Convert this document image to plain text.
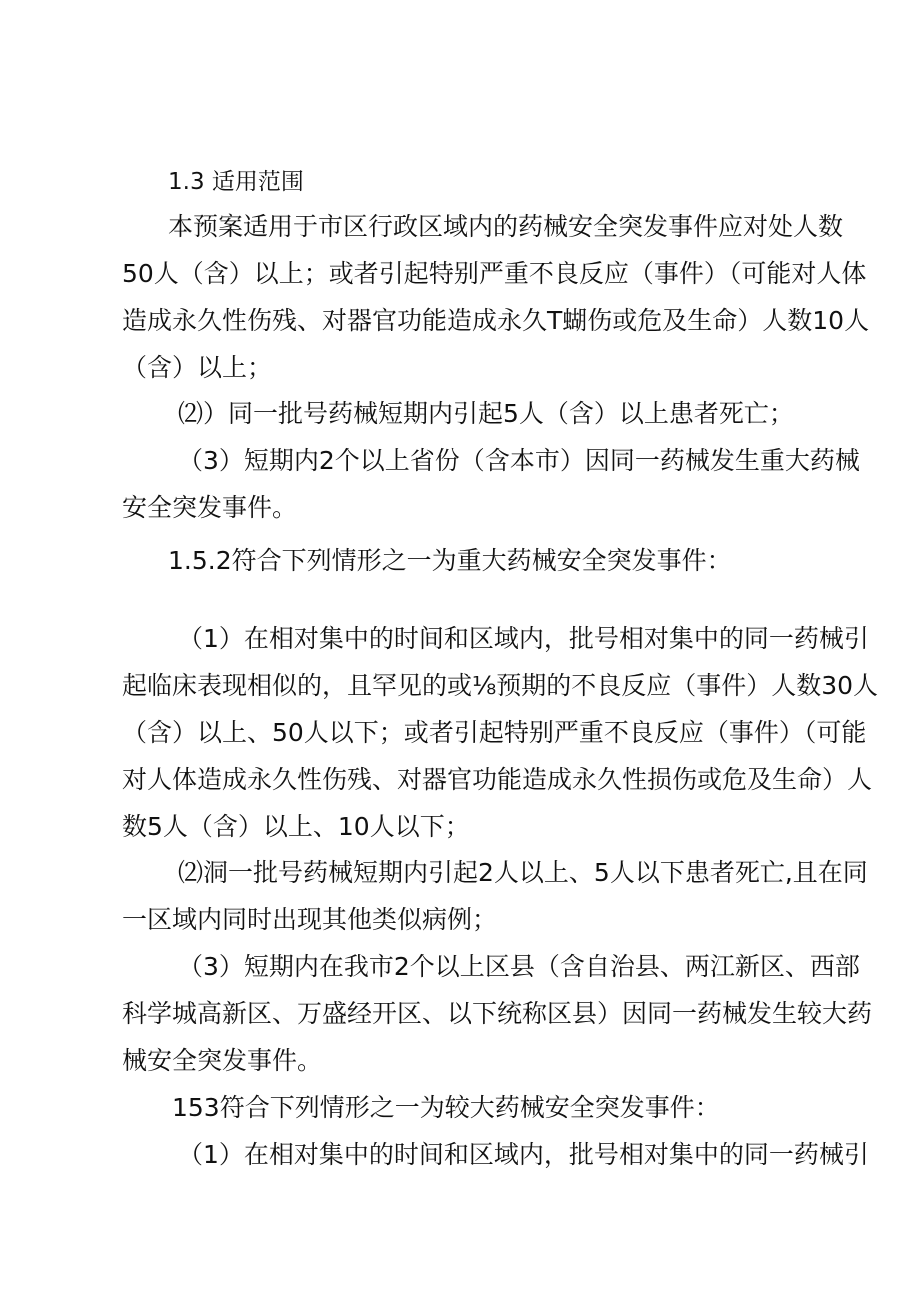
1.3 适用范围
本预案适用于市区行政区域内的药械安全突发事件应对处人数
50人（含）以上；或者引起特别严重不良反应（事件）（可能对人体
造成永久性伤残、对器官功能造成永久T蝴伤或危及生命）人数10人
（含）以上；
⑵）同一批号药械短期内引起5人（含）以上患者死亡；
（3）短期内2个以上省份（含本市）因同一药械发生重大药械
安全突发事件。
1.5.2符合下列情形之一为重大药械安全突发事件：
（1）在相对集中的时间和区域内，批号相对集中的同一药械引
起临床表现相似的，且罕见的或⅛预期的不良反应（事件）人数30人
（含）以上、50人以下；或者引起特别严重不良反应（事件）（可能
对人体造成永久性伤残、对器官功能造成永久性损伤或危及生命）人
数5人（含）以上、10人以下；
⑵洞一批号药械短期内引起2人以上、5人以下患者死亡,且在同
一区域内同时出现其他类似病例；
（3）短期内在我市2个以上区县（含自治县、两江新区、西部
科学城高新区、万盛经开区、以下统称区县）因同一药械发生较大药
械安全突发事件。
153符合下列情形之一为较大药械安全突发事件：
（1）在相对集中的时间和区域内，批号相对集中的同一药械引
